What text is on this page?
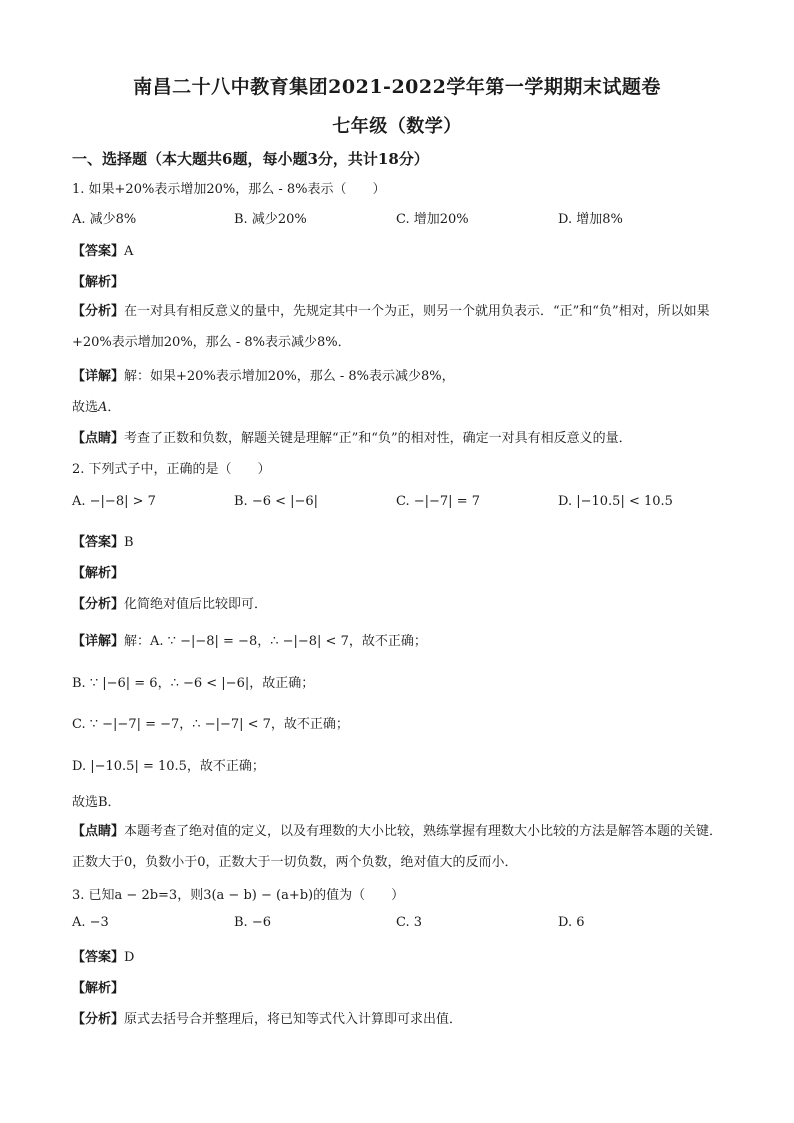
南昌二十八中教育集团2021-2022学年第一学期期末试题卷
七年级（数学）
一、选择题（本大题共6题，每小题3分，共计18分）
1. 如果+20%表示增加20%，那么 - 8%表示（　　）
A. 减少8%	B. 减少20%	C. 增加20%	D. 增加8%
【答案】A
【解析】
【分析】在一对具有相反意义的量中，先规定其中一个为正，则另一个就用负表示．“正”和“负”相对，所以如果+20%表示增加20%，那么 - 8%表示减少8%．
【详解】解：如果+20%表示增加20%，那么 - 8%表示减少8%，
故选A．
【点睛】考查了正数和负数，解题关键是理解“正”和“负”的相对性，确定一对具有相反意义的量．
2. 下列式子中，正确的是（　　）
A. −|−8| > 7	B. −6 < |−6|	C. −|−7| = 7	D. |−10.5| < 10.5
【答案】B
【解析】
【分析】化简绝对值后比较即可．
【详解】解：A. ∵ −|−8| = −8，∴ −|−8| < 7，故不正确；
B. ∵ |−6| = 6，∴ −6 < |−6|，故正确；
C. ∵ −|−7| = −7，∴ −|−7| < 7，故不正确；
D. |−10.5| = 10.5，故不正确；
故选B．
【点睛】本题考查了绝对值的定义，以及有理数的大小比较，熟练掌握有理数大小比较的方法是解答本题的关键．正数大于0，负数小于0，正数大于一切负数，两个负数，绝对值大的反而小．
3. 已知a − 2b=3，则3(a − b) − (a+b)的值为（　　）
A. −3	B. −6	C. 3	D. 6
【答案】D
【解析】
【分析】原式去括号合并整理后，将已知等式代入计算即可求出值．
